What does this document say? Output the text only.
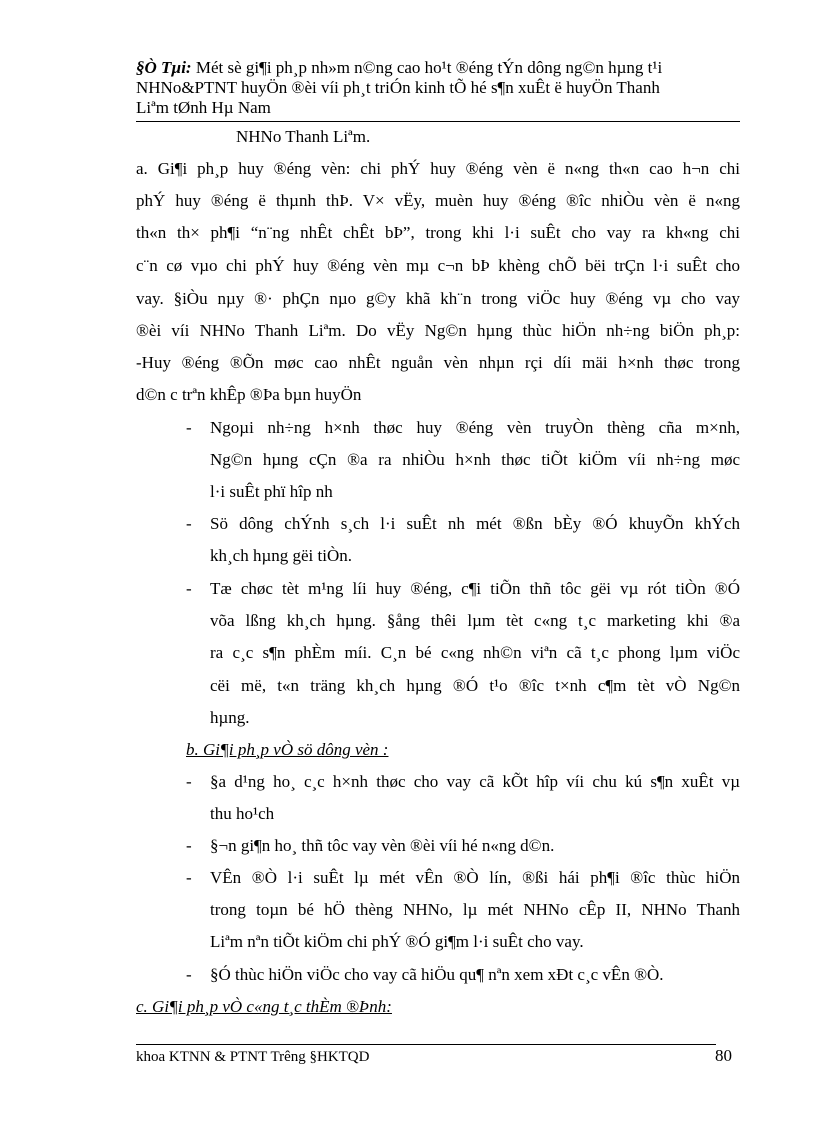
§Ò Tµi: Mét sè gi¶i ph¸p nh»m n©ng cao ho¹t ®éng tÝn dông ng©n hµng t¹i
NHNo&PTNT huyÖn ®èi víi ph¸t triÓn kinh tÕ hé s¶n xuÊt ë huyÖn Thanh
Liªm tØnh Hµ Nam
NHNo Thanh Liªm.
a. Gi¶i ph¸p huy ®éng vèn: chi phÝ huy ®éng vèn ë n«ng th«n cao h¬n chi
phÝ huy ®éng ë thµnh thÞ. V× vËy, muèn huy ®éng ®îc nhiÒu vèn ë n«ng
th«n th× ph¶i “n¨ng nhÊt chÊt bÞ”, trong khi l·i suÊt cho vay ra kh«ng chi
c¨n cø vµo chi phÝ huy ®éng vèn mµ c¬n bÞ khèng chÕ bëi trÇn l·i suÊt cho
vay. §iÒu nµy ®· phÇn nµo g©y khã kh¨n trong viÖc huy ®éng vµ cho vay
®èi víi NHNo Thanh Liªm. Do vËy Ng©n hµng thùc hiÖn nh÷ng biÖn ph¸p:
-Huy ®éng ®Õn møc cao nhÊt nguån vèn nhµn rçi díi mäi h×nh thøc trong
d©n c trªn khÊp ®Þa bµn huyÖn
- Ngoµi nh÷ng h×nh thøc huy ®éng vèn truyÒn thèng cña m×nh,
Ng©n hµng cÇn ®a ra nhiÒu h×nh thøc tiÕt kiÖm víi nh÷ng møc
l·i suÊt phï hîp nh
- Sö dông chÝnh s¸ch l·i suÊt nh mét ®ßn bÈy ®Ó khuyÕn khÝch
kh¸ch hµng gëi tiÒn.
- Tæ chøc tèt m¹ng líi huy ®éng, c¶i tiÕn thñ tôc gëi vµ rót tiÒn ®Ó
võa lßng kh¸ch hµng. §ång thêi lµm tèt c«ng t¸c marketing khi ®a
ra c¸c s¶n phÈm míi. C¸n bé c«ng nh©n viªn cã t¸c phong lµm viÖc
cëi më, t«n träng kh¸ch hµng ®Ó t¹o ®îc t×nh c¶m tèt vÒ Ng©n
hµng.
b. Gi¶i ph¸p vÒ sö dông vèn :
- §a d¹ng ho¸ c¸c h×nh thøc cho vay cã kÕt hîp víi chu kú s¶n xuÊt vµ
thu ho¹ch
- §¬n gi¶n ho¸ thñ tôc vay vèn ®èi víi hé n«ng d©n.
- VÊn ®Ò l·i suÊt lµ mét vÊn ®Ò lín, ®ßi hái ph¶i ®îc thùc hiÖn
trong toµn bé hÖ thèng NHNo, lµ mét NHNo cÊp II, NHNo Thanh
Liªm nªn tiÕt kiÖm chi phÝ ®Ó gi¶m l·i suÊt cho vay.
- §Ó thùc hiÖn viÖc cho vay cã hiÖu qu¶ nªn xem xÐt c¸c vÊn ®Ò.
c. Gi¶i ph¸p vÒ c«ng t¸c thÈm ®Þnh:
khoa KTNN & PTNT Trêng §HKTQD	80
